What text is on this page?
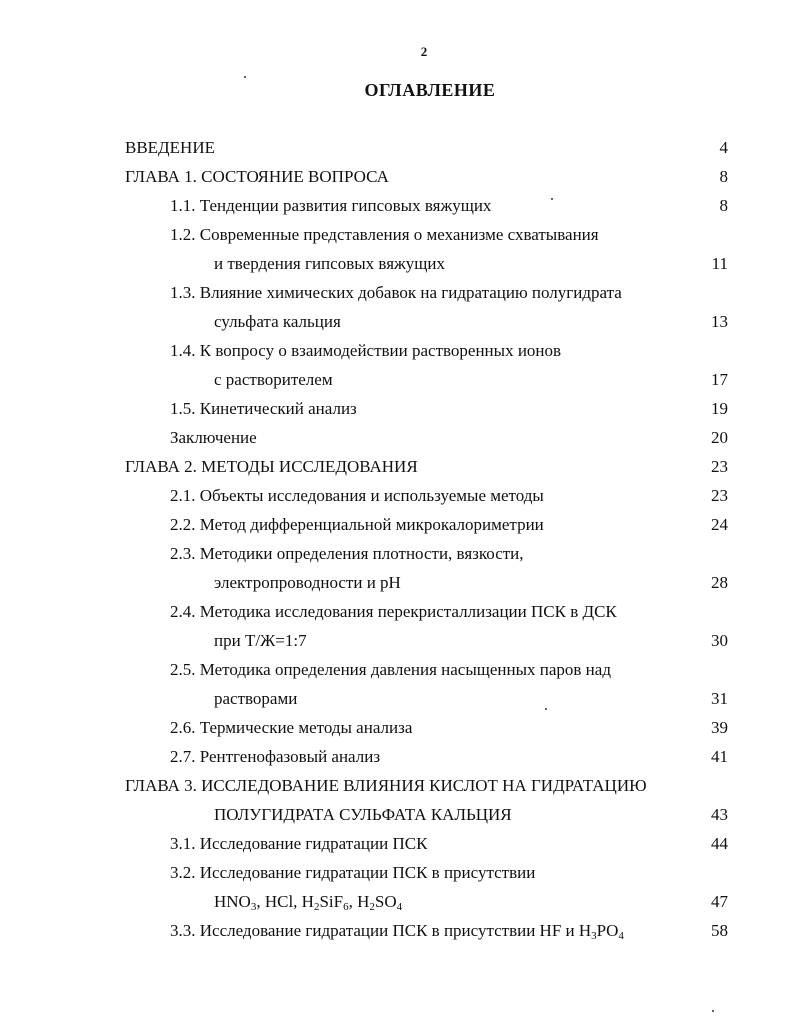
2
ОГЛАВЛЕНИЕ
ВВЕДЕНИЕ	4
ГЛАВА 1. СОСТОЯНИЕ ВОПРОСА	8
1.1. Тенденции развития гипсовых вяжущих	8
1.2. Современные представления о механизме схватывания
и твердения гипсовых вяжущих	11
1.3. Влияние химических добавок на гидратацию полугидрата
сульфата кальция	13
1.4. К вопросу о взаимодействии растворенных ионов
с растворителем	17
1.5. Кинетический анализ	19
Заключение	20
ГЛАВА 2. МЕТОДЫ ИССЛЕДОВАНИЯ	23
2.1. Объекты исследования и используемые методы	23
2.2. Метод дифференциальной микрокалориметрии	24
2.3. Методики определения плотности, вязкости,
электропроводности и pH	28
2.4. Методика исследования перекристаллизации ПСК в ДСК
при Т/Ж=1:7	30
2.5. Методика определения давления насыщенных паров над
растворами	31
2.6. Термические методы анализа	39
2.7. Рентгенофазовый анализ	41
ГЛАВА 3. ИССЛЕДОВАНИЕ ВЛИЯНИЯ КИСЛОТ НА ГИДРАТАЦИЮ
ПОЛУГИДРАТА СУЛЬФАТА КАЛЬЦИЯ	43
3.1. Исследование гидратации ПСК	44
3.2. Исследование гидратации ПСК в присутствии
$HNO_3$, HCl, $H_2SiF_6$, $H_2SO_4$	47
3.3. Исследование гидратации ПСК в присутствии HF и $H_3PO_4$	58
